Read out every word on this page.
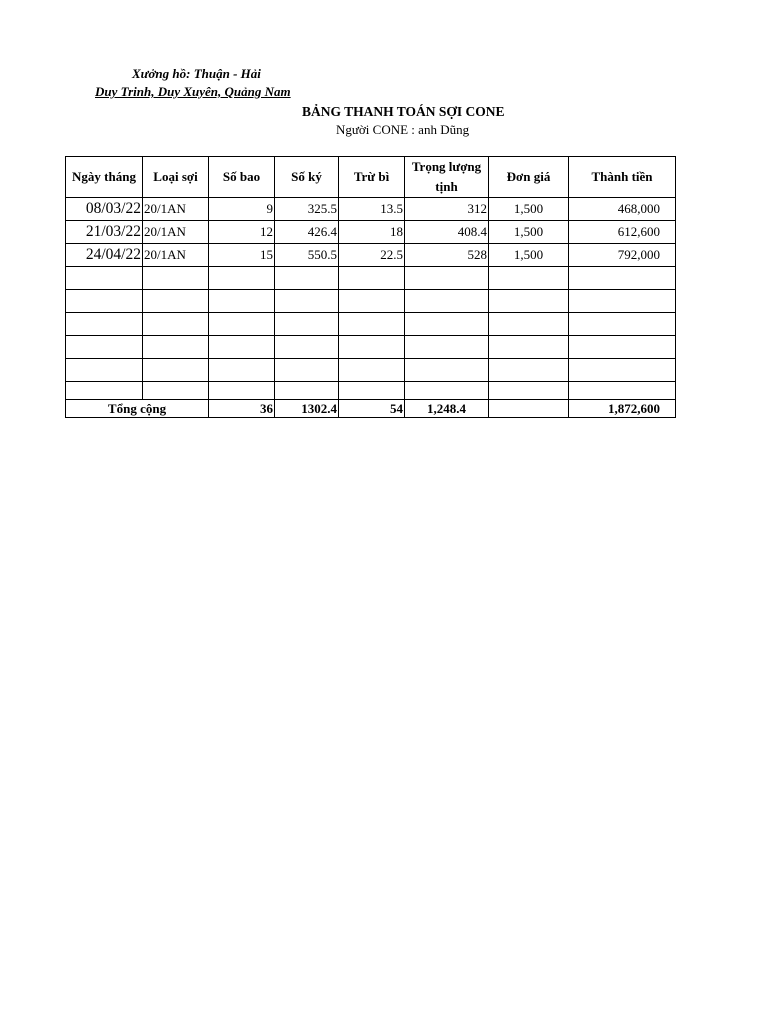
Xưởng hồ: Thuận - Hải
Duy Trinh, Duy Xuyên, Quảng Nam
BẢNG THANH TOÁN SỢI CONE
Người CONE : anh Dũng
Ngày tháng	Loại sợi	Số bao	Số ký	Trừ bì	Trọng lượng tịnh	Đơn giá	Thành tiền
08/03/22	20/1AN	9	325.5	13.5	312	1,500	468,000
21/03/22	20/1AN	12	426.4	18	408.4	1,500	612,600
24/04/22	20/1AN	15	550.5	22.5	528	1,500	792,000

Tổng cộng		36	1302.4	54	1,248.4		1,872,600
